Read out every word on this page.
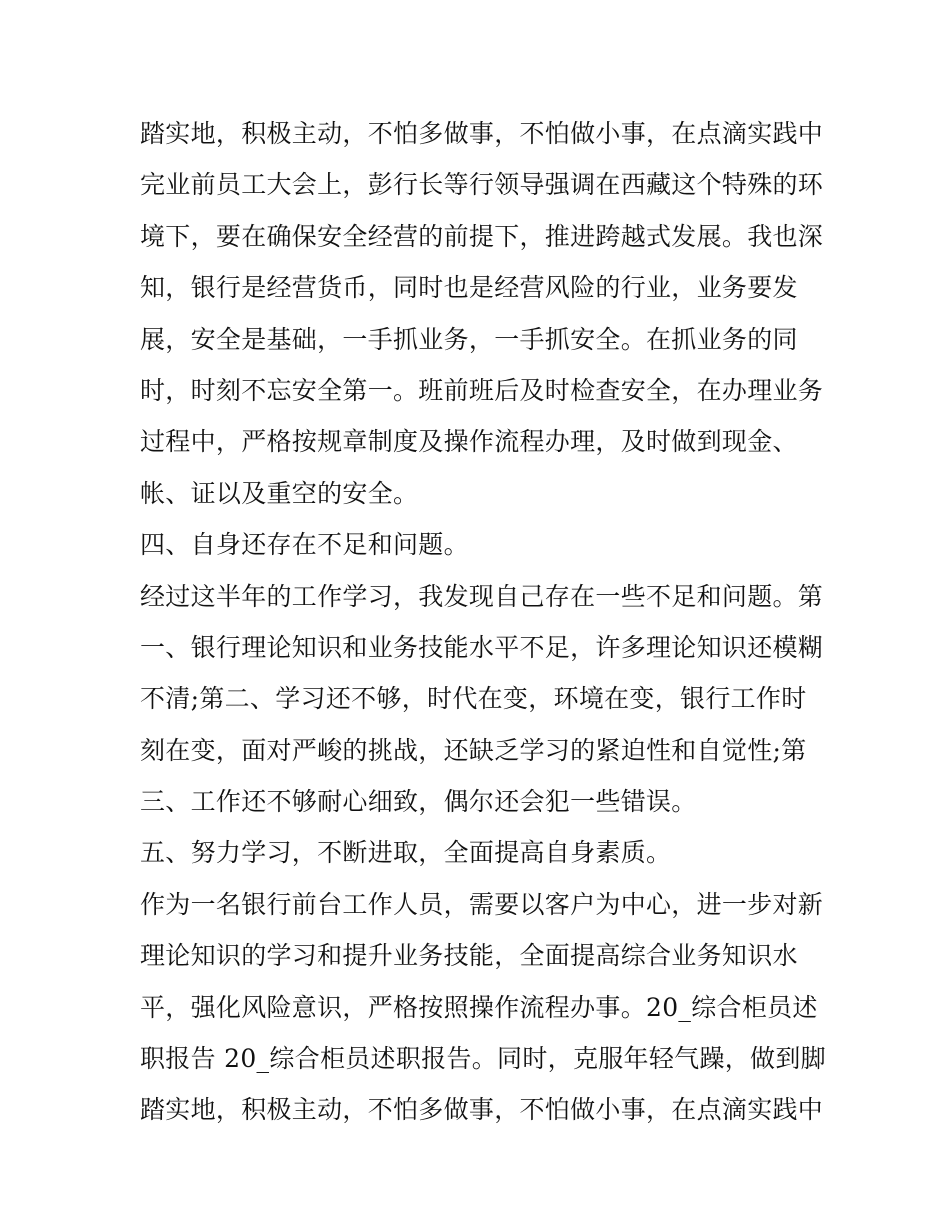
踏实地，积极主动，不怕多做事，不怕做小事，在点滴实践中
完业前员工大会上，彭行长等行领导强调在西藏这个特殊的环
境下，要在确保安全经营的前提下，推进跨越式发展。我也深
知，银行是经营货币，同时也是经营风险的行业，业务要发
展，安全是基础，一手抓业务，一手抓安全。在抓业务的同
时，时刻不忘安全第一。班前班后及时检查安全，在办理业务
过程中，严格按规章制度及操作流程办理，及时做到现金、
帐、证以及重空的安全。
四、自身还存在不足和问题。
经过这半年的工作学习，我发现自己存在一些不足和问题。第
一、银行理论知识和业务技能水平不足，许多理论知识还模糊
不清;第二、学习还不够，时代在变，环境在变，银行工作时
刻在变，面对严峻的挑战，还缺乏学习的紧迫性和自觉性;第
三、工作还不够耐心细致，偶尔还会犯一些错误。
五、努力学习，不断进取，全面提高自身素质。
作为一名银行前台工作人员，需要以客户为中心，进一步对新
理论知识的学习和提升业务技能，全面提高综合业务知识水
平，强化风险意识，严格按照操作流程办事。20_综合柜员述
职报告 20_综合柜员述职报告。同时，克服年轻气躁，做到脚
踏实地，积极主动，不怕多做事，不怕做小事，在点滴实践中
